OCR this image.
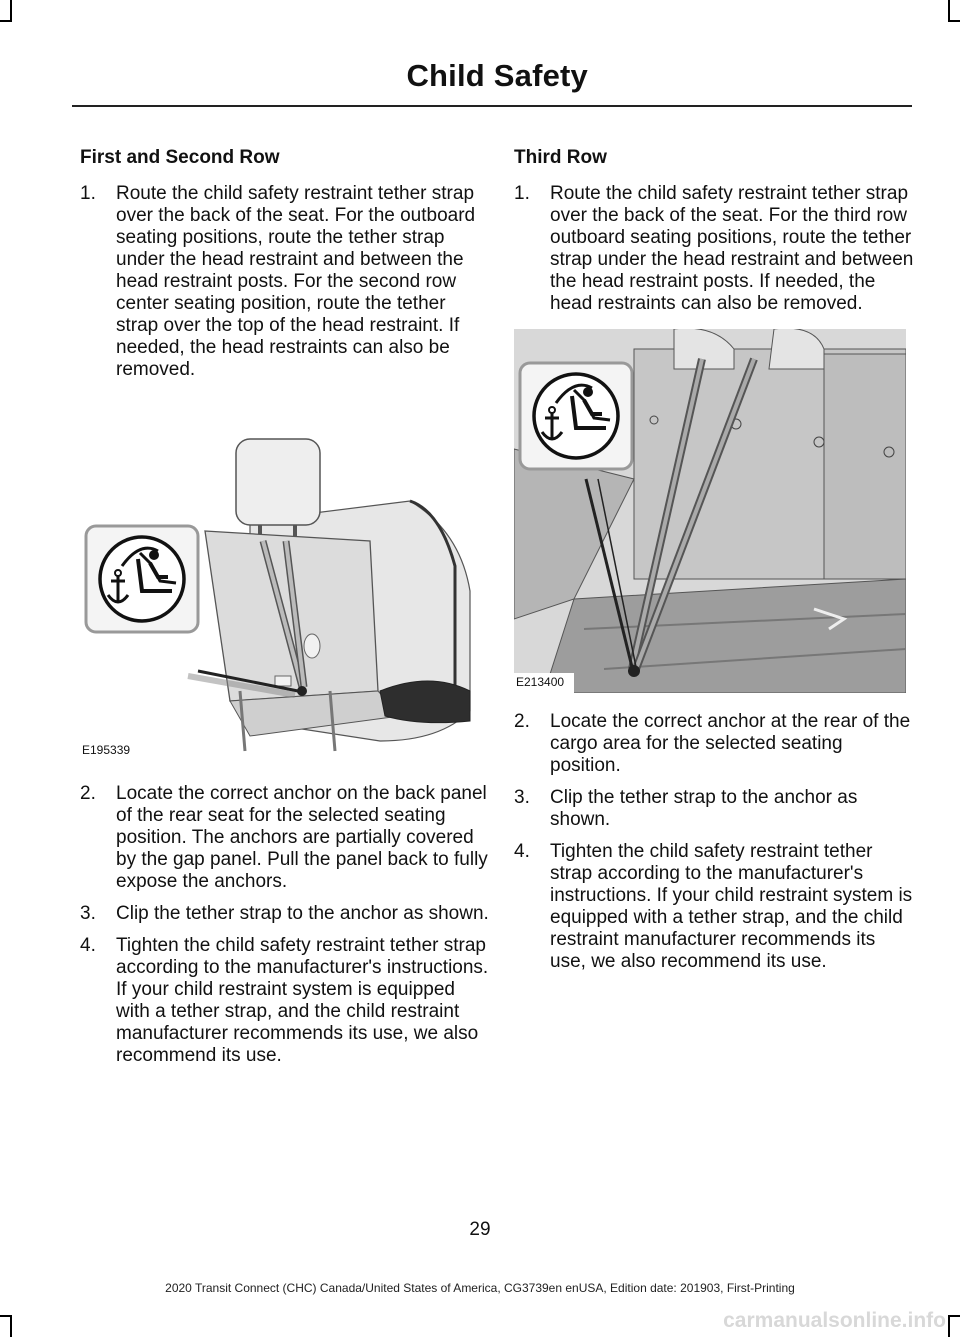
Child Safety
First and Second Row
1.	Route the child safety restraint tether strap over the back of the seat. For the outboard seating positions, route the tether strap under the head restraint and between the head restraint posts. For the second row center seating position, route the tether strap over the top of the head restraint. If needed, the head restraints can also be removed.
E195339
2.	Locate the correct anchor on the back panel of the rear seat for the selected seating position. The anchors are partially covered by the gap panel. Pull the panel back to fully expose the anchors.
3.	Clip the tether strap to the anchor as shown.
4.	Tighten the child safety restraint tether strap according to the manufacturer's instructions. If your child restraint system is equipped with a tether strap, and the child restraint manufacturer recommends its use, we also recommend its use.
Third Row
1.	Route the child safety restraint tether strap over the back of the seat. For the third row outboard seating positions, route the tether strap under the head restraint and between the head restraint posts. If needed, the head restraints can also be removed.
E213400
2.	Locate the correct anchor at the rear of the cargo area for the selected seating position.
3.	Clip the tether strap to the anchor as shown.
4.	Tighten the child safety restraint tether strap according to the manufacturer's instructions. If your child restraint system is equipped with a tether strap, and the child restraint manufacturer recommends its use, we also recommend its use.
29
2020 Transit Connect (CHC) Canada/United States of America, CG3739en enUSA, Edition date: 201903, First-Printing
carmanualsonline.info
